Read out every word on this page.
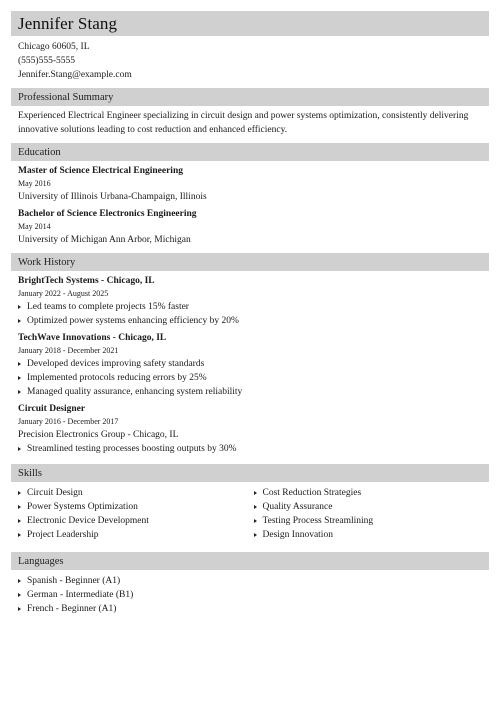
Jennifer Stang
Chicago 60605, IL
(555)555-5555
Jennifer.Stang@example.com
Professional Summary
Experienced Electrical Engineer specializing in circuit design and power systems optimization, consistently delivering innovative solutions leading to cost reduction and enhanced efficiency.
Education
Master of Science Electrical Engineering
May 2016
University of Illinois Urbana-Champaign, Illinois
Bachelor of Science Electronics Engineering
May 2014
University of Michigan Ann Arbor, Michigan
Work History
BrightTech Systems - Chicago, IL
January 2022 - August 2025
Led teams to complete projects 15% faster
Optimized power systems enhancing efficiency by 20%
TechWave Innovations - Chicago, IL
January 2018 - December 2021
Developed devices improving safety standards
Implemented protocols reducing errors by 25%
Managed quality assurance, enhancing system reliability
Circuit Designer
January 2016 - December 2017
Precision Electronics Group - Chicago, IL
Streamlined testing processes boosting outputs by 30%
Skills
Circuit Design
Power Systems Optimization
Electronic Device Development
Project Leadership
Cost Reduction Strategies
Quality Assurance
Testing Process Streamlining
Design Innovation
Languages
Spanish - Beginner (A1)
German - Intermediate (B1)
French - Beginner (A1)
